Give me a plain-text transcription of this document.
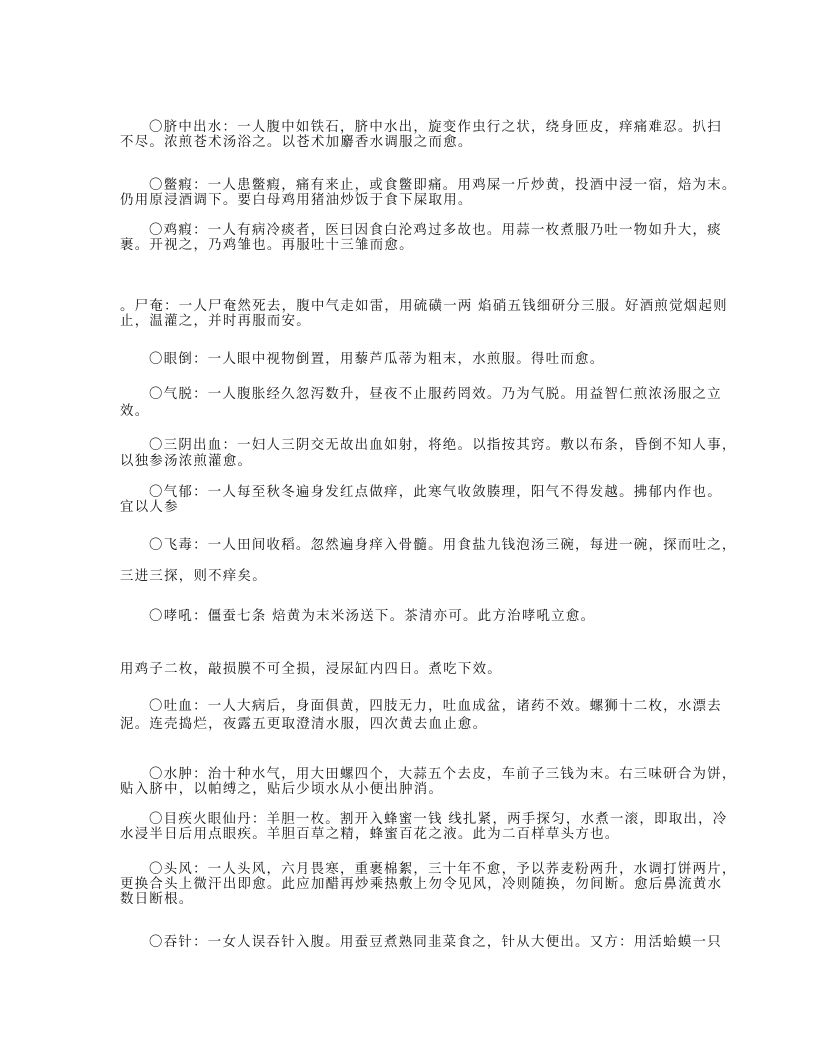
〇脐中出水：一人腹中如铁石，脐中水出，旋变作虫行之状，绕身匝皮，痒痛难忍。扒扫
不尽。浓煎苍术汤浴之。以苍术加麝香水调服之而愈。
〇鳖瘕：一人患鳖瘕，痛有来止，或食鳖即痛。用鸡屎一斤炒黄，投酒中浸一宿，焙为末。
仍用原浸酒调下。要白母鸡用猪油炒饭于食下屎取用。
〇鸡瘕：一人有病冷痰者，医曰因食白沦鸡过多故也。用蒜一枚煮服乃吐一物如升大，痰
裹。开视之，乃鸡雏也。再服吐十三雏而愈。
。尸奄：一人尸奄然死去，腹中气走如雷，用硫磺一两 焰硝五钱细研分三服。好酒煎觉烟起则
止，温灌之，并时再服而安。
〇眼倒：一人眼中视物倒置，用藜芦瓜蒂为粗末，水煎服。得吐而愈。
〇气脱：一人腹胀经久忽泻数升，昼夜不止服药罔效。乃为气脱。用益智仁煎浓汤服之立
效。
〇三阴出血：一妇人三阴交无故出血如射，将绝。以指按其窍。敷以布条，昏倒不知人事，
以独参汤浓煎灌愈。
〇气郁：一人每至秋冬遍身发红点做痒，此寒气收敛腠理，阳气不得发越。拂郁内作也。
宜以人参
〇飞毒：一人田间收稻。忽然遍身痒入骨髓。用食盐九钱泡汤三碗，每进一碗，探而吐之，
三进三探，则不痒矣。
〇哮吼：僵蚕七条 焙黄为末米汤送下。茶清亦可。此方治哮吼立愈。
用鸡子二枚，敲损膜不可全损，浸尿缸内四日。煮吃下效。
〇吐血：一人大病后，身面俱黄，四肢无力，吐血成盆，诸药不效。螺狮十二枚，水漂去
泥。连壳捣烂，夜露五更取澄清水服，四次黄去血止愈。
〇水肿：治十种水气，用大田螺四个，大蒜五个去皮，车前子三钱为末。右三味研合为饼，
贴入脐中，以帕缚之，贴后少顷水从小便出肿消。
〇目疾火眼仙丹：羊胆一枚。割开入蜂蜜一钱 线扎紧，两手探匀，水煮一滚，即取出，冷
水浸半日后用点眼疾。羊胆百草之精，蜂蜜百花之液。此为二百样草头方也。
〇头风：一人头风，六月畏寒，重裹棉絮，三十年不愈，予以荞麦粉两升，水调打饼两片，
更换合头上微汗出即愈。此应加醋再炒乘热敷上勿令见风，冷则随换，勿间断。愈后鼻流黄水
数日断根。
〇吞针：一女人误吞针入腹。用蚕豆煮熟同韭菜食之，针从大便出。又方：用活蛤蟆一只
